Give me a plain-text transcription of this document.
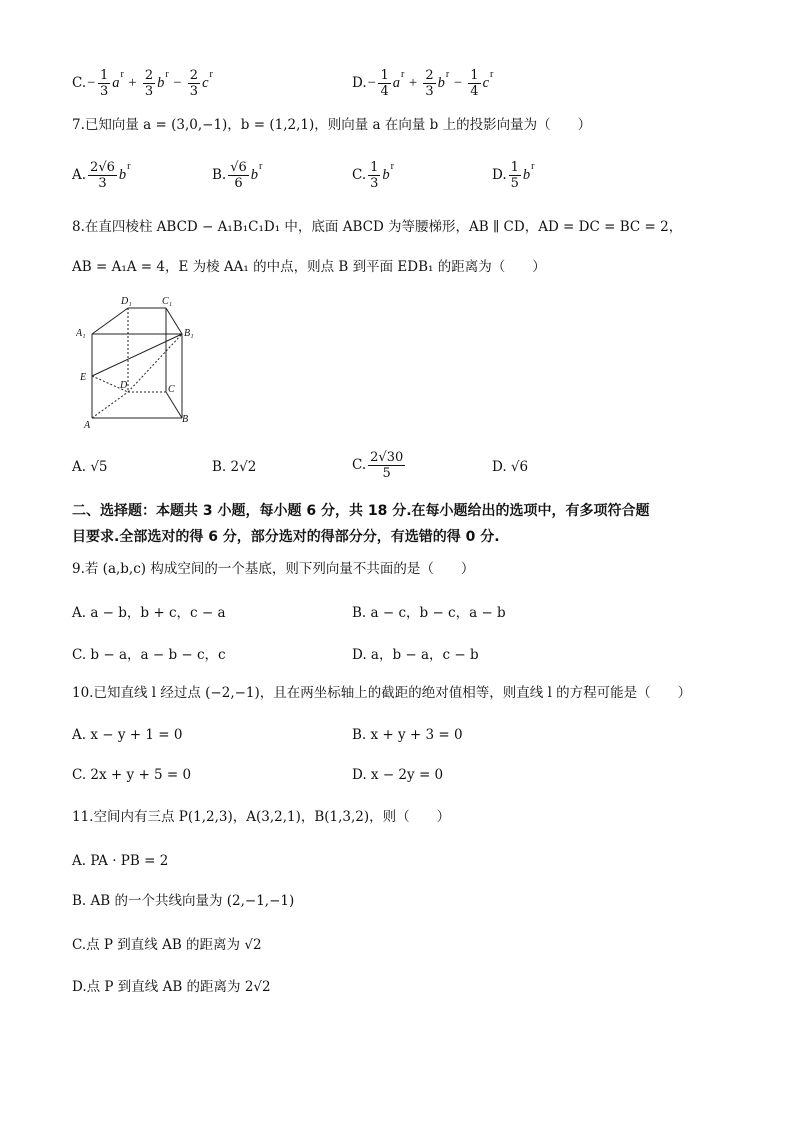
$C.- \frac{1}{3} a^r + \frac{2}{3} b^r - \frac{2}{3} c^r$
$D.- \frac{1}{4} a^r + \frac{2}{3} b^r - \frac{1}{4} c^r$
7.已知向量 a = (3,0,−1)，b = (1,2,1)，则向量 a 在向量 b 上的投影向量为（　　）
A. $\frac{2√6}{3} b^r$
B. $\frac{√6}{6} b^r$
C. $\frac{1}{3} b^r$
D. $\frac{1}{5} b^r$
8.在直四棱柱 ABCD − A₁B₁C₁D₁ 中，底面 ABCD 为等腰梯形，AB ∥ CD，AD = DC = BC = 2，
AB = A₁A = 4，E 为棱 AA₁ 的中点，则点 B 到平面 EDB₁ 的距离为（　　）
D₁	C₁
A₁	B₁
E
D	C
A
B
A. √5	B. 2√2	C. $\frac{2√30}{5}$	D. √6
二、选择题：本题共 3 小题，每小题 6 分，共 18 分.在每小题给出的选项中，有多项符合题
目要求.全部选对的得 6 分，部分选对的得部分分，有选错的得 0 分.
9.若 (a,b,c) 构成空间的一个基底，则下列向量不共面的是（　　）
A. a − b，b + c，c − a	B. a − c，b − c，a − b
C. b − a，a − b − c，c	D. a，b − a，c − b
10.已知直线 l 经过点 (−2,−1)，且在两坐标轴上的截距的绝对值相等，则直线 l 的方程可能是（　　）
A. x − y + 1 = 0	B. x + y + 3 = 0
C. 2x + y + 5 = 0	D. x − 2y = 0
11.空间内有三点 P(1,2,3)，A(3,2,1)，B(1,3,2)，则（　　）
A. PA · PB = 2
B. AB 的一个共线向量为 (2,−1,−1)
C.点 P 到直线 AB 的距离为 √2
D.点 P 到直线 AB 的距离为 2√2
